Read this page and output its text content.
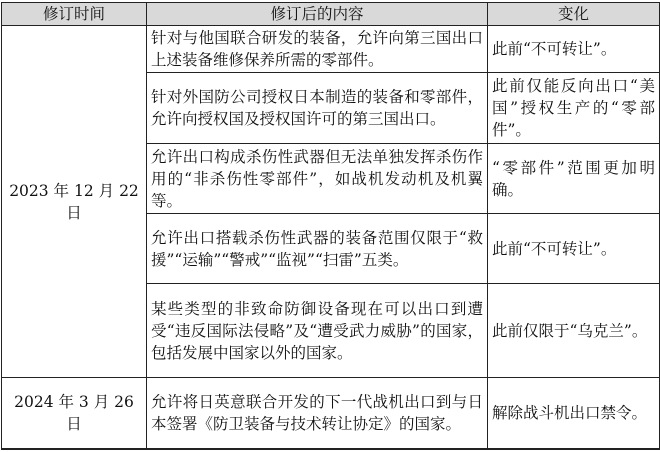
修订时间	修订后的内容	变化
2023 年 12 月 22 日	针对与他国联合研发的装备，允许向第三国出口上述装备维修保养所需的零部件。	此前“不可转让”。
	针对外国防公司授权日本制造的装备和零部件，允许向授权国及授权国许可的第三国出口。	此前仅能反向出口“美国”授权生产的“零部件”。
	允许出口构成杀伤性武器但无法单独发挥杀伤作用的“非杀伤性零部件”，如战机发动机及机翼等。	“零部件”范围更加明确。
	允许出口搭载杀伤性武器的装备范围仅限于“救援”“运输”“警戒”“监视”“扫雷”五类。	此前“不可转让”。
	某些类型的非致命防御设备现在可以出口到遭受“违反国际法侵略”及“遭受武力威胁”的国家，包括发展中国家以外的国家。	此前仅限于“乌克兰”。
2024 年 3 月 26 日	允许将日英意联合开发的下一代战机出口到与日本签署《防卫装备与技术转让协定》的国家。	解除战斗机出口禁令。
